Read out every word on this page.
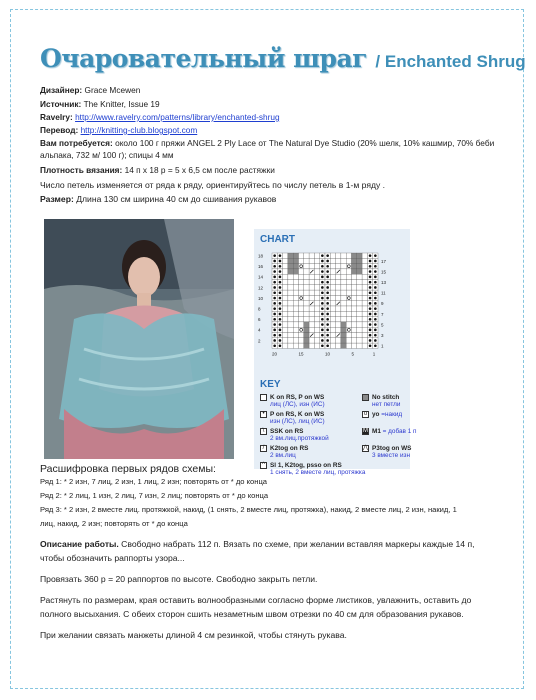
Очаровательный шраг / Enchanted Shrug
Дизайнер: Grace Mcewen
Источник: The Knitter, Issue 19
Ravelry: http://www.ravelry.com/patterns/library/enchanted-shrug
Перевод: http://knitting-club.blogspot.com
Вам потребуется: около 100 г пряжи ANGEL 2 Ply Lace от The Natural Dye Studio (20% шелк, 10% кашмир, 70% беби
альпака, 732 м/ 100 г); спицы 4 мм
Плотность вязания: 14 п х 18 р = 5 х 6,5 см после растяжки
Число петель изменяется от ряда к ряду, ориентируйтесь по числу петель в 1-м ряду .
Размер: Длина 130 см ширина 40 см до сшивания рукавов
CHART
18
16
14
12
10
8
6
4
2
17
15
13
11
9
7
5
3
1
20	15	10	5	1
KEY
K on RS, P on WS
лиц (ЛС), изн (ИС)
• P on RS, K on WS
изн (ЛС), лиц (ИС)
\ SSK on RS
2 вм.лиц.протяжкой
/ K2tog on RS
2 вм.лиц
^ Sl 1, K2tog, psso on RS
1 снять, 2 вместе лиц, протяжка
No stitch
нет петли
o yo =накид
M M1 = добав 1 п
⋀ P3tog on WS
3 вместе изн
Расшифровка первых рядов схемы:
Ряд 1: * 2 изн, 7 лиц, 2 изн, 1 лиц, 2 изн; повторять от * до конца
Ряд 2: * 2 лиц, 1 изн, 2 лиц, 7 изн, 2 лиц; повторять от * до конца
Ряд 3: * 2 изн, 2 вместе лиц. протяжкой, накид, (1 снять, 2 вместе лиц, протяжка), накид, 2 вместе лиц, 2 изн, накид, 1
лиц, накид, 2 изн; повторять от * до конца
Описание работы. Свободно набрать 112 п. Вязать по схеме, при желании вставляя маркеры каждые 14 п,
чтобы обозначить раппорты узора...
Провязать 360 р = 20 раппортов по высоте. Свободно закрыть петли.
Растянуть по размерам, края оставить волнообразными согласно форме листиков, увлажнить, оставить до
полного высыхания. С обеих сторон сшить незаметным швом отрезки по 40 см для образования рукавов.
При желании связать манжеты длиной 4 см резинкой, чтобы стянуть рукава.
